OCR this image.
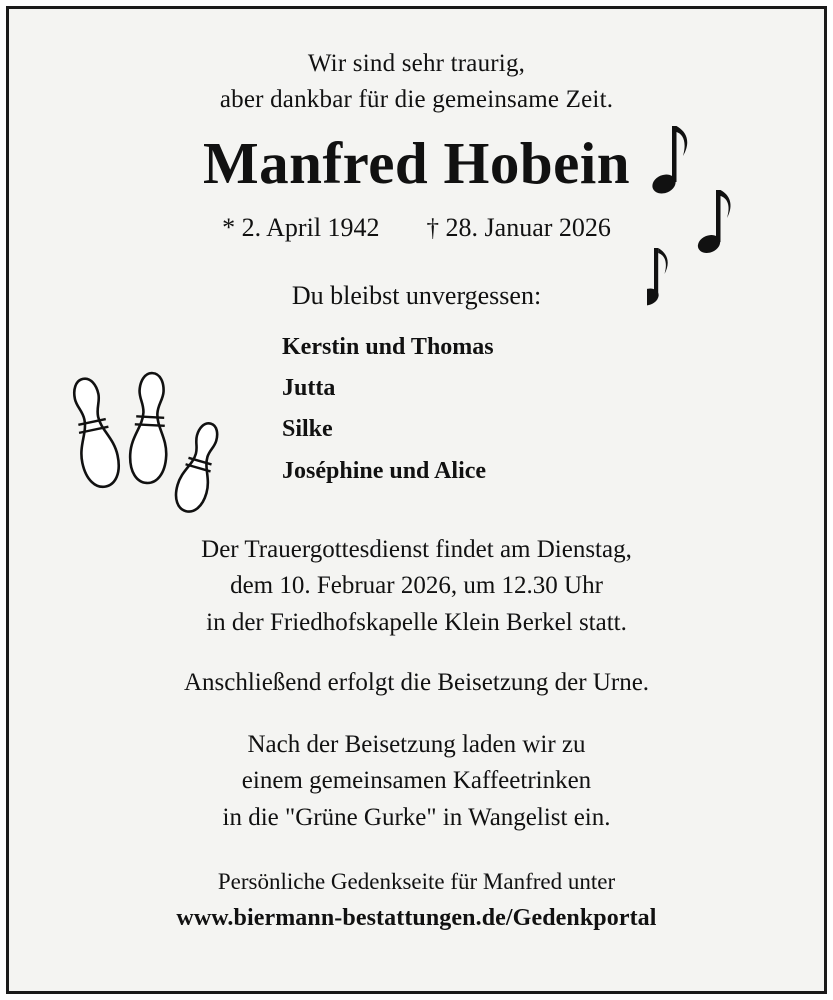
Wir sind sehr traurig,
aber dankbar für die gemeinsame Zeit.
Manfred Hobein
* 2. April 1942 † 28. Januar 2026
Du bleibst unvergessen:
Kerstin und Thomas
Jutta
Silke
Joséphine und Alice
Der Trauergottesdienst findet am Dienstag,
dem 10. Februar 2026, um 12.30 Uhr
in der Friedhofskapelle Klein Berkel statt.
Anschließend erfolgt die Beisetzung der Urne.
Nach der Beisetzung laden wir zu
einem gemeinsamen Kaffeetrinken
in die "Grüne Gurke" in Wangelist ein.
Persönliche Gedenkseite für Manfred unter
www.biermann-bestattungen.de/Gedenkportal
